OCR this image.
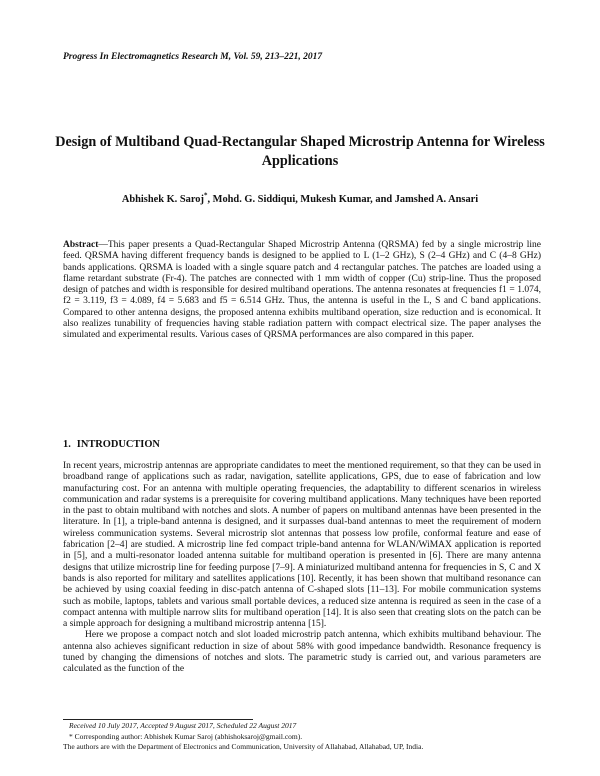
Progress In Electromagnetics Research M, Vol. 59, 213–221, 2017
Design of Multiband Quad-Rectangular Shaped Microstrip Antenna for Wireless Applications
Abhishek K. Saroj*, Mohd. G. Siddiqui, Mukesh Kumar, and Jamshed A. Ansari
Abstract—This paper presents a Quad-Rectangular Shaped Microstrip Antenna (QRSMA) fed by a single microstrip line feed. QRSMA having different frequency bands is designed to be applied to L (1–2 GHz), S (2–4 GHz) and C (4–8 GHz) bands applications. QRSMA is loaded with a single square patch and 4 rectangular patches. The patches are loaded using a flame retardant substrate (Fr-4). The patches are connected with 1 mm width of copper (Cu) strip-line. Thus the proposed design of patches and width is responsible for desired multiband operations. The antenna resonates at frequencies f1 = 1.074, f2 = 3.119, f3 = 4.089, f4 = 5.683 and f5 = 6.514 GHz. Thus, the antenna is useful in the L, S and C band applications. Compared to other antenna designs, the proposed antenna exhibits multiband operation, size reduction and is economical. It also realizes tunability of frequencies having stable radiation pattern with compact electrical size. The paper analyses the simulated and experimental results. Various cases of QRSMA performances are also compared in this paper.
1. INTRODUCTION

In recent years, microstrip antennas are appropriate candidates to meet the mentioned requirement, so that they can be used in broadband range of applications such as radar, navigation, satellite applications, GPS, due to ease of fabrication and low manufacturing cost. For an antenna with multiple operating frequencies, the adaptability to different scenarios in wireless communication and radar systems is a prerequisite for covering multiband applications. Many techniques have been reported in the past to obtain multiband with notches and slots. A number of papers on multiband antennas have been presented in the literature. In [1], a triple-band antenna is designed, and it surpasses dual-band antennas to meet the requirement of modern wireless communication systems. Several microstrip slot antennas that possess low profile, conformal feature and ease of fabrication [2–4] are studied. A microstrip line fed compact triple-band antenna for WLAN/WiMAX application is reported in [5], and a multi-resonator loaded antenna suitable for multiband operation is presented in [6]. There are many antenna designs that utilize microstrip line for feeding purpose [7–9]. A miniaturized multiband antenna for frequencies in S, C and X bands is also reported for military and satellites applications [10]. Recently, it has been shown that multiband resonance can be achieved by using coaxial feeding in disc-patch antenna of C-shaped slots [11–13]. For mobile communication systems such as mobile, laptops, tablets and various small portable devices, a reduced size antenna is required as seen in the case of a compact antenna with multiple narrow slits for multiband operation [14]. It is also seen that creating slots on the patch can be a simple approach for designing a multiband microstrip antenna [15].

Here we propose a compact notch and slot loaded microstrip patch antenna, which exhibits multiband behaviour. The antenna also achieves significant reduction in size of about 58% with good impedance bandwidth. Resonance frequency is tuned by changing the dimensions of notches and slots. The parametric study is carried out, and various parameters are calculated as the function of the

Received 10 July 2017, Accepted 9 August 2017, Scheduled 22 August 2017
* Corresponding author: Abhishek Kumar Saroj (abhishoksaroj@gmail.com).
The authors are with the Department of Electronics and Communication, University of Allahabad, Allahabad, UP, India.
